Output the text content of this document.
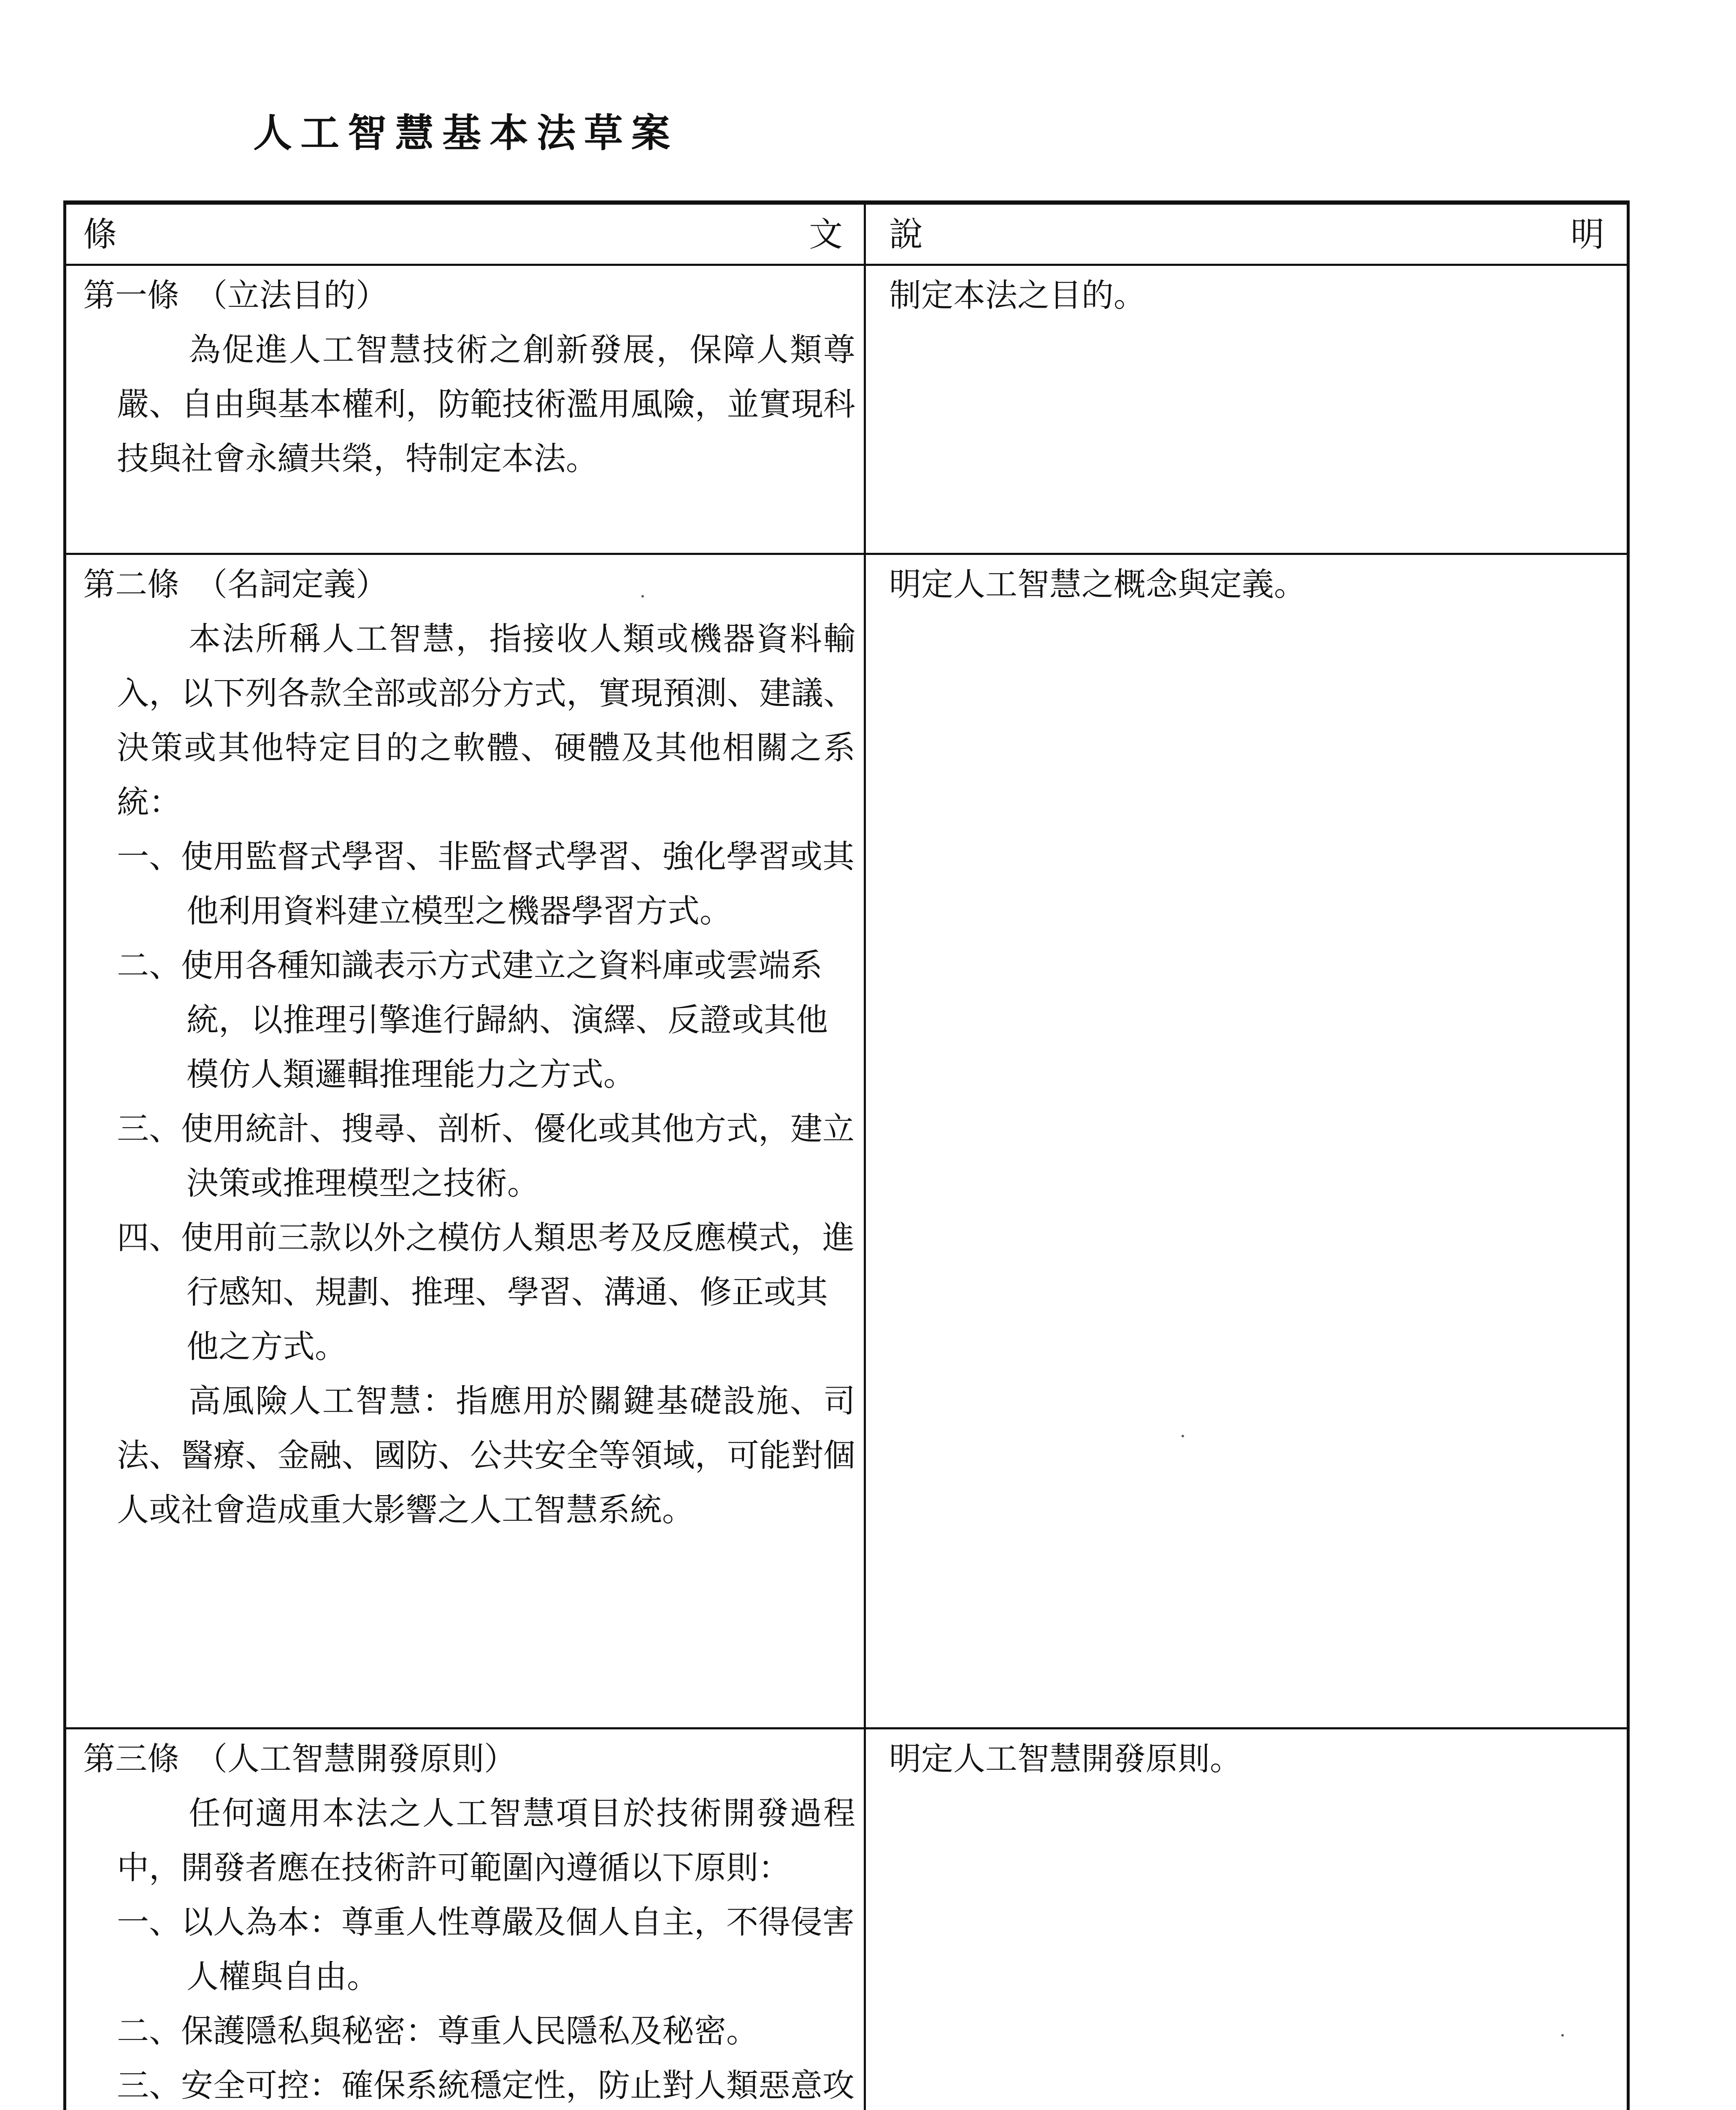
人工智慧基本法草案
條	文 說	明

第一條　（立法目的）

為促進人工智慧技術之創新發展，保障人類尊嚴、自由與基本權利，防範技術濫用風險，並實現科技與社會永續共榮，特制定本法。

制定本法之目的。

第二條　（名詞定義）

本法所稱人工智慧，指接收人類或機器資料輸入，以下列各款全部或部分方式，實現預測、建議、決策或其他特定目的之軟體、硬體及其他相關之系統：

一、使用監督式學習、非監督式學習、強化學習或其他利用資料建立模型之機器學習方式。

二、使用各種知識表示方式建立之資料庫或雲端系統，以推理引擎進行歸納、演繹、反證或其他模仿人類邏輯推理能力之方式。

三、使用統計、搜尋、剖析、優化或其他方式，建立決策或推理模型之技術。

四、使用前三款以外之模仿人類思考及反應模式，進行感知、規劃、推理、學習、溝通、修正或其他之方式。

高風險人工智慧：指應用於關鍵基礎設施、司法、醫療、金融、國防、公共安全等領域，可能對個人或社會造成重大影響之人工智慧系統。

明定人工智慧之概念與定義。

第三條　（人工智慧開發原則）

任何適用本法之人工智慧項目於技術開發過程中，開發者應在技術許可範圍內遵循以下原則：

一、以人為本：尊重人性尊嚴及個人自主，不得侵害人權與自由。

二、保護隱私與秘密：尊重人民隱私及秘密。

三、安全可控：確保系統穩定性，防止對人類惡意攻

明定人工智慧開發原則。
